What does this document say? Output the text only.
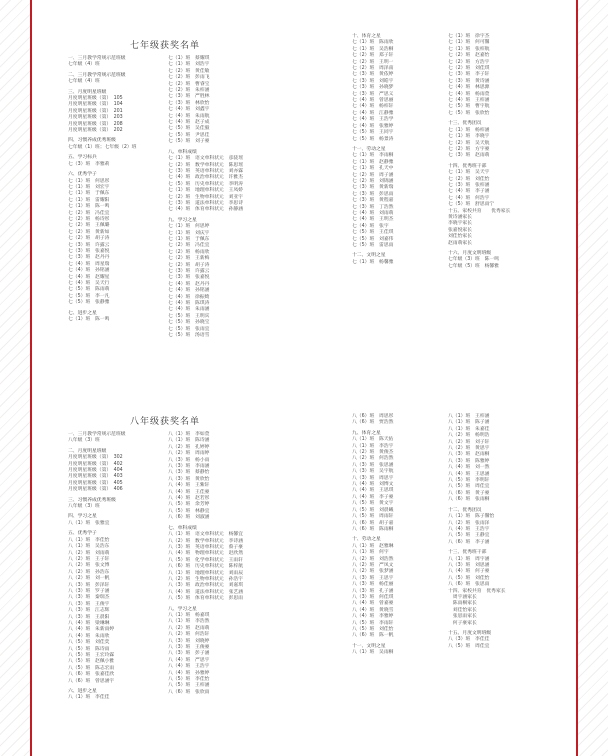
七年级获奖名单
一、三月教学常规示范班级
七年级（4）班
二、三月教学常规示范班级
七年级（4）班
三、月度明星班级
月度明星班级（第）　105
月度明星班级（第）　104
月度明星班级（第）　201
月度明星班级（第）　203
月度明星班级（第）　208
月度明星班级（第）　202
四、习惯养成优秀班级
七年级（1）班；七年级（2）班
五、学习标兵
七（3）班　李雅莉
六、优秀学子
七（1）班　何思彤
七（1）班　刘宏宇
七（1）班　于佩东
七（1）班　雷耀阳
七（1）班　陈一鸣
七（2）班　冯佳宜
七（2）班　杨诗彤
七（2）班　王佩璐
七（2）班　黄新如
七（2）班　胡子涛
七（3）班　许露云
七（3）班　张嘉悦
七（3）班　赵丹丹
七（4）班　周星瑞
七（4）班　孙铭涵
七（4）班　赵耀星
七（4）班　吴天行
七（5）班　陈雨萌
七（5）班　李一凡
七（5）班　张静雅
七、进步之星
七（1）班　陈一鸣
七（1）班　蔡耀琪
七（1）班　刘浩宇
七（2）班　黄佳敏
七（2）班　彭雨飞
七（2）班　曹睿宝
七（2）班　朱梓涵
七（3）班　严胜林
七（3）班　林欣怡
七（4）班　刘鑫宇
七（4）班　朱雨航
七（4）班　赵子成
七（5）班　吴佳毅
七（5）班　尹思佳
七（5）班　刘子豪
八、单科成绩
七（1）班　语文单科状元　彦骁瑶
七（2）班　数学单科状元　陈思瑶
七（3）班　英语单科状元　刘亦霖
七（4）班　政治单科状元　许雅杰
七（5）班　历史单科状元　李明涛
七（1）班　地理单科状元　王凤娇
七（2）班　生物单科状元　刘亚宇
七（3）班　道法单科状元　李思诗
七（4）班　体育单科状元　孙静涵
九、学习之星
七（1）班　何思婷
七（1）班　刘庆宇
七（1）班　于佩东
七（2）班　冯佳宜
七（2）班　杨雨欣
七（2）班　王新梅
七（2）班　胡子涛
七（3）班　许露云
七（3）班　张嘉悦
七（4）班　赵丹丹
七（4）班　孙铭涵
七（4）班　徐振绮
七（4）班　陈琪涛
七（4）班　朱雨涵
七（5）班　王明宾
七（5）班　孙晓宝
七（5）班　张雨宜
七（5）班　汤语雪
十、体育之星
七（1）班　陈雨欣
七（1）班　吴浩桐
七（2）班　郑子轩
七（2）班　王明一
七（2）班　周泽南
七（3）班　黄依婷
七（3）班　刘皓宇
七（3）班　孙晓梦
七（3）班　严思义
七（4）班　曾思丽
七（4）班　杨梓轩
七（4）班　江静雅
七（4）班　王浩学
七（4）班　张雅婷
七（5）班　王同宇
七（5）班　杨景涛
十一、劳动之星
七（1）班　李雨桐
七（1）班　赵静雅
七（1）班　孔天中
七（2）班　周子涵
七（2）班　刘锦涵
七（3）班　黄新瑞
七（3）班　彭思雨
七（3）班　黄程嘉
七（3）班　丁浩然
七（4）班　刘雨萌
七（4）班　王明杰
七（4）班　张宇
七（5）班　王佳琪
七（5）班　刘嘉伟
七（5）班　雷思雨
十二、文明之星
七（1）班　杨馨雅
七（1）班　徐宇杰
七（1）班　何可馨
七（1）班　张梓航
七（2）班　赵嘉怡
七（2）班　方浩宇
七（2）班　刘佳琪
七（3）班　李子轩
七（3）班　黄诗涵
七（4）班　林思源
七（4）班　杨雨萱
七（4）班　王梓涵
七（5）班　曹宇航
七（5）班　张欣怡
十三、优秀团员
七（1）班　杨梓涵
七（1）班　李晓宇
七（2）班　吴天航
七（2）班　方宇豪
七（3）班　赵雨萌
十四、优秀班干部
七（1）班　吴天宇
七（2）班　刘佳怡
七（3）班　张梓涵
七（4）班　李子涵
七（4）班　何浩宇
七（5）班　舒思雨宁
十五、家校共育　　优秀家长
黄诗涵家长
李晓宇家长
张嘉悦家长
刘佳怡家长
赵雨萌家长
十六、月度文明班级
七年级（3）班　陈一鸣
七年级（5）班　杨馨雅
八年级获奖名单
一、三月教学常规示范班级
八年级（3）班
二、月度明星班级
月度明星班级（第）　302
月度明星班级（第）　402
月度明星班级（第）　404
月度明星班级（第）　403
月度明星班级（第）　405
月度明星班级（第）　406
三、习惯养成优秀班级
八年级（3）班
四、学习之星
八（1）班　张雅宜
五、优秀学子
八（1）班　李佳怡
八（1）班　吴浩东
八（2）班　刘雨萌
八（2）班　王子轩
八（2）班　张文博
八（2）班　孙浩东
八（2）班　刘一帆
八（3）班　彭泽轩
八（3）班　罗子涵
八（3）班　秦瑞杰
八（3）班　王俊宇
八（3）班　江志辉
八（3）班　王晨阳
八（4）班　梁琳琳
八（4）班　朱新雨婷
八（4）班　朱雨欣
八（5）班　刘佳奕
八（5）班　陈诗雨
八（5）班　王宏玲霖
八（5）班　赵佩小雅
八（5）班　陈志宏雨
八（6）班　张嘉佳欣
八（6）班　曾思涵宇
六、进步之星
八（1）班　李佳佳
八（1）班　李如萱
八（1）班　陈诗涵
八（2）班　孔婷婷
八（2）班　周雨婷
八（3）班　杨小雨
八（3）班　李雨涵
八（3）班　蔡静怡
八（3）班　黄欣怡
八（4）班　王紫轩
八（4）班　王佳豪
八（4）班　赵若彤
八（5）班　余芳婷
八（5）班　林静宜
八（6）班　刘淑涵
七、单科成绩
八（1）班　语文单科状元　杨馨宜
八（2）班　数学单科状元　李诗涵
八（3）班　英语单科状元　蔡子豪
八（4）班　物理单科状元　赵欣然
八（5）班　化学单科状元　王雨轩
八（6）班　历史单科状元　陈梓航
八（1）班　地理单科状元　刘雨辰
八（2）班　生物单科状元　孙浩宇
八（3）班　政治单科状元　刘嘉琪
八（4）班　道法单科状元　张艺涵
八（5）班　体育单科状元　彭思雨
八、学习之星
八（1）班　杨嘉琪
八（1）班　李浩然
八（2）班　赵雨萌
八（2）班　何浩轩
八（3）班　刘晓婷
八（3）班　王俊豪
八（3）班　彭子涵
八（4）班　严思宇
八（4）班　王浩宇
八（4）班　孙雅婷
八（5）班　李佳怡
八（5）班　王梓涵
八（6）班　张欣雨
八（6）班　周思彤
八（6）班　贾浩然
九、体育之星
八（1）班　陈天佑
八（1）班　李浩宇
八（2）班　黄俊杰
八（2）班　何浩然
八（3）班　张思涵
八（3）班　吴宇航
八（3）班　周思宇
八（4）班　刘博文
八（4）班　王思琪
八（4）班　李子豪
八（5）班　黄文宇
八（5）班　刘晨曦
八（5）班　周雨轩
八（6）班　胡子嘉
八（6）班　陈雨桐
十、劳动之星
八（1）班　赵雅琳
八（1）班　何宇
八（2）班　刘浩然
八（2）班　严凤文
八（2）班　张梦涵
八（3）班　王思宇
八（3）班　杨佳丽
八（3）班　孔子涵
八（3）班　何佳琪
八（4）班　曾嘉豪
八（4）班　黄晓雪
八（4）班　李雅婷
八（5）班　李雨轩
八（5）班　刘佳怡
八（6）班　陈一帆
十一、文明之星
八（1）班　吴雨桐
八（1）班　王梓涵
八（1）班　陈子涵
八（1）班　朱嘉佳
八（2）班　杨明浩
八（2）班　刘子轩
八（2）班　黄思宇
八（3）班　赵雨桐
八（3）班　陈雅婷
八（4）班　刘一然
八（4）班　王思涵
八（5）班　李明轩
八（5）班　周佳宜
八（6）班　黄子豪
八（6）班　张雨桐
十二、优秀团员
八（1）班　陈子馨怡
八（2）班　张雨泽
八（4）班　王浩宇
八（5）班　王静宜
八（6）班　李子涵
十三、优秀班干部
八（1）班　周宇涵
八（3）班　刘思涵
八（4）班　何子豪
八（5）班　刘佳怡
八（6）班　张思雨
十四、家校共育　优秀家长
　周宇涵家长
　陈雨桐家长
　刘佳怡家长
　张思雨家长
　何子豪家长
十五、月度文明班级
八（3）班　李佳佳
八（5）班　周佳宜
